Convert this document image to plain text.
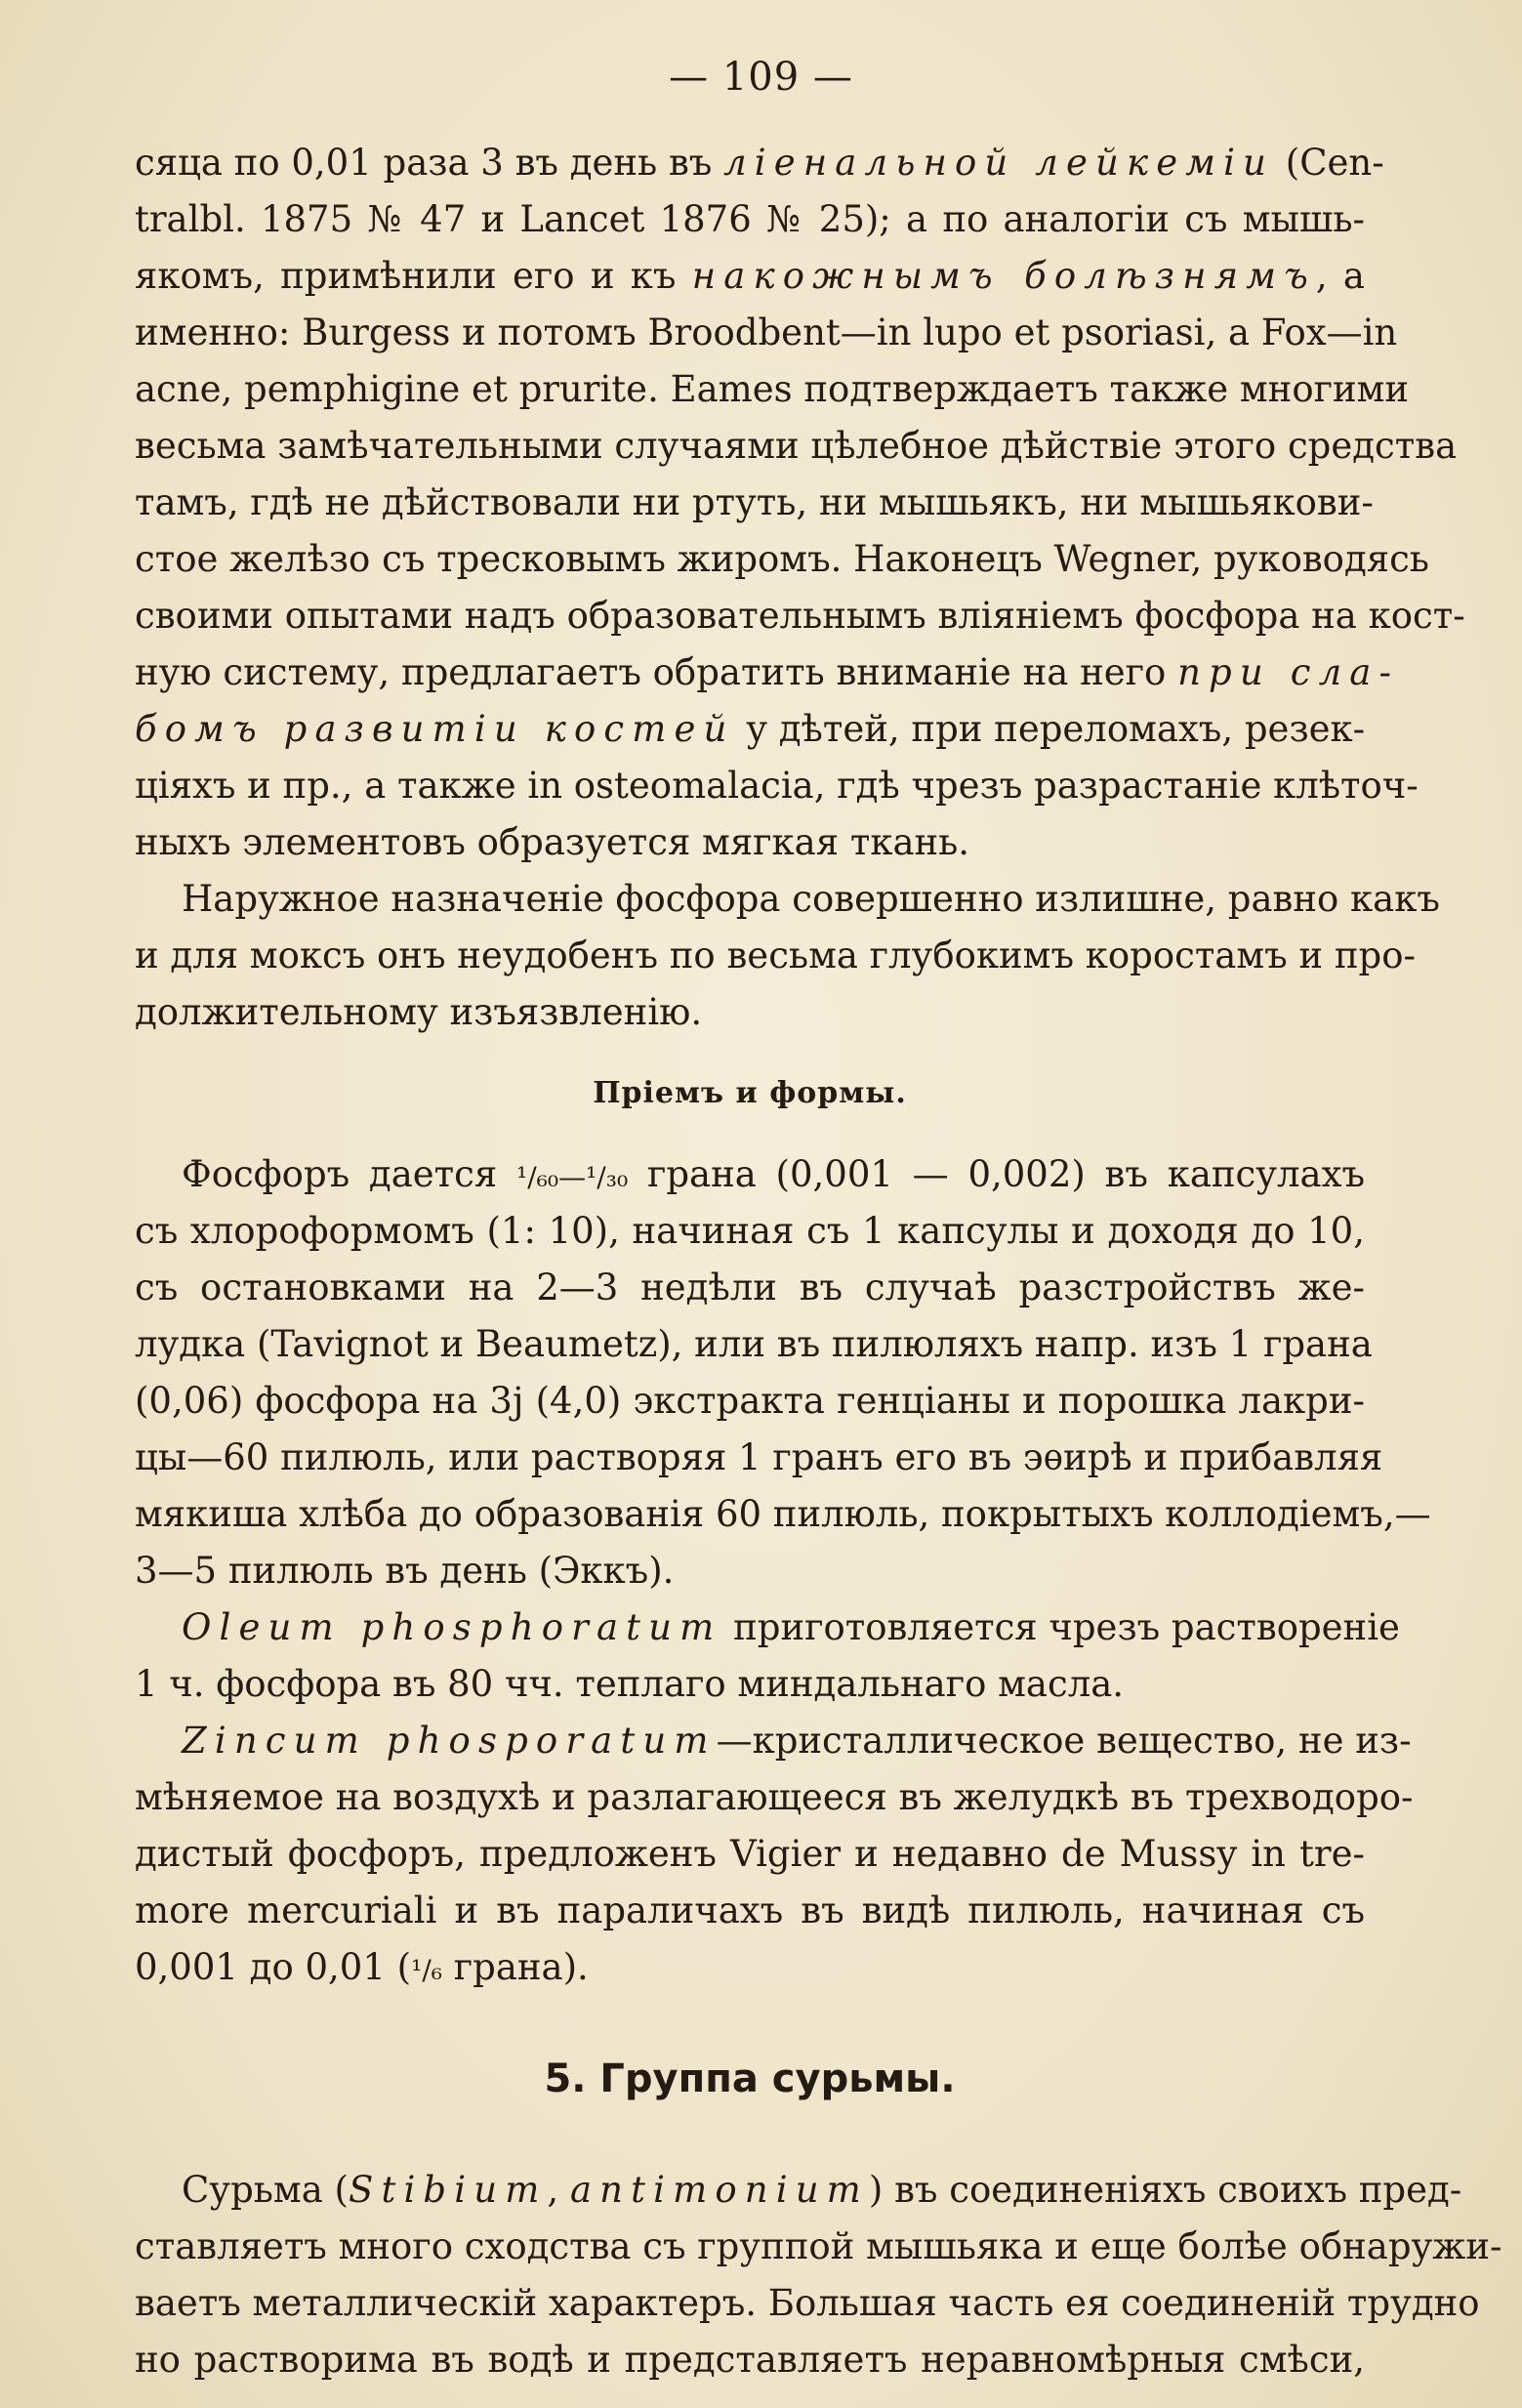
— 109 —
сяца по 0,01 раза 3 въ день въ лiенальной лейкемiи (Cen-
tralbl. 1875 № 47 и Lancet 1876 № 25); а по аналогiи съ мышь-
якомъ, примѣнили его и къ накожнымъ болѣзнямъ, а
именно: Burgess и потомъ Broodbent—in lupo et psoriasi, а Fox—in
acne, pemphigine et prurite. Eames подтверждаетъ также многими
весьма замѣчательными случаями цѣлебное дѣйствiе этого средства
тамъ, гдѣ не дѣйствовали ни ртуть, ни мышьякъ, ни мышьякови-
стое желѣзо съ тресковымъ жиромъ. Наконецъ Wegner, руководясь
своими опытами надъ образовательнымъ влiянiемъ фосфора на кост-
ную систему, предлагаетъ обратить вниманiе на него при сла-
бомъ развитiи костей у дѣтей, при переломахъ, резек-
цiяхъ и пр., а также in osteomalacia, гдѣ чрезъ разрастанiе клѣточ-
ныхъ элементовъ образуется мягкая ткань.
Наружное назначенiе фосфора совершенно излишне, равно какъ
и для моксъ онъ неудобенъ по весьма глубокимъ коростамъ и про-
должительному изъязвленiю.
Прiемъ и формы.
Фосфоръ дается ¹/₆₀—¹/₃₀ грана (0,001 — 0,002) въ капсулахъ
съ хлороформомъ (1: 10), начиная съ 1 капсулы и доходя до 10,
съ остановками на 2—3 недѣли въ случаѣ разстройствъ же-
лудка (Tavignot и Beaumetz), или въ пилюляхъ напр. изъ 1 грана
(0,06) фосфора на 3j (4,0) экстракта генцiаны и порошка лакри-
цы—60 пилюль, или растворяя 1 гранъ его въ эѳирѣ и прибавляя
мякиша хлѣба до образованiя 60 пилюль, покрытыхъ коллодiемъ,—
3—5 пилюль въ день (Эккъ).
Oleum phosphoratum приготовляется чрезъ раствореніе
1 ч. фосфора въ 80 чч. теплаго миндальнаго масла.
Zincum phosporatum—кристаллическое вещество, не из-
мѣняемое на воздухѣ и разлагающееся въ желудкѣ въ трехводоро-
дистый фосфоръ, предложенъ Vigier и недавно de Mussy in tre-
more mercuriali и въ параличахъ въ видѣ пилюль, начиная съ
0,001 до 0,01 (¹/₆ грана).
5. Группа сурьмы.
Сурьма (Stibium, antimonium) въ соединенiяхъ своихъ пред-
ставляетъ много сходства съ группой мышьяка и еще болѣе обнаружи-
ваетъ металлическiй характеръ. Большая часть ея соединенiй трудно
но растворима въ водѣ и представляетъ неравномѣрныя смѣси,
